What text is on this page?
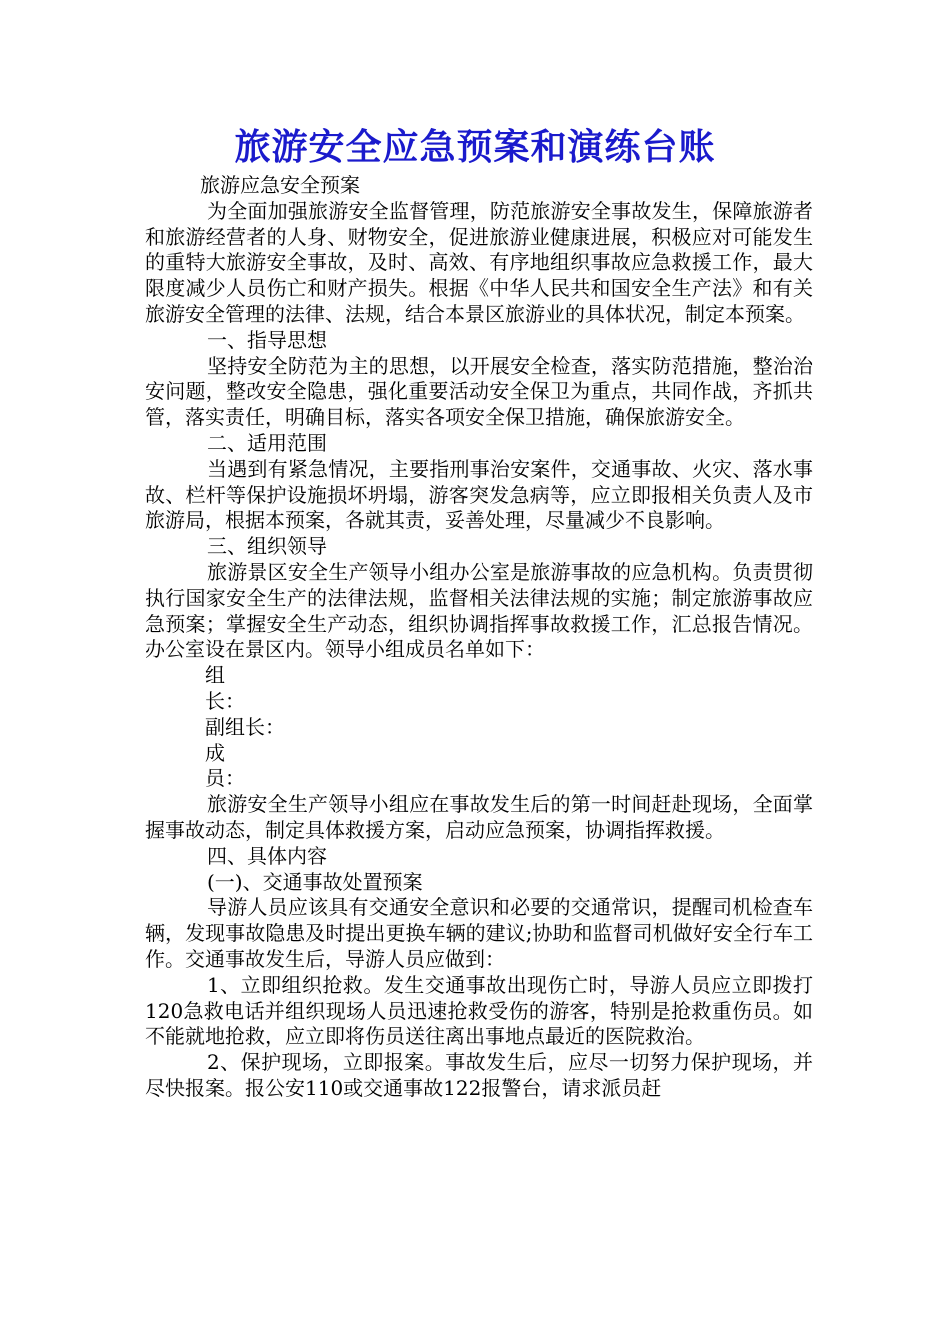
旅游安全应急预案和演练台账

旅游应急安全预案

为全面加强旅游安全监督管理，防范旅游安全事故发生，保障旅游者和旅游经营者的人身、财物安全，促进旅游业健康进展，积极应对可能发生的重特大旅游安全事故，及时、高效、有序地组织事故应急救援工作，最大限度减少人员伤亡和财产损失。根据《中华人民共和国安全生产法》和有关旅游安全管理的法律、法规，结合本景区旅游业的具体状况，制定本预案。

一、指导思想

坚持安全防范为主的思想，以开展安全检查，落实防范措施，整治治安问题，整改安全隐患，强化重要活动安全保卫为重点，共同作战，齐抓共管，落实责任，明确目标，落实各项安全保卫措施，确保旅游安全。

二、适用范围

当遇到有紧急情况，主要指刑事治安案件，交通事故、火灾、落水事故、栏杆等保护设施损坏坍塌，游客突发急病等，应立即报相关负责人及市旅游局，根据本预案，各就其责，妥善处理，尽量减少不良影响。

三、组织领导

旅游景区安全生产领导小组办公室是旅游事故的应急机构。负责贯彻执行国家安全生产的法律法规，监督相关法律法规的实施；制定旅游事故应急预案；掌握安全生产动态，组织协调指挥事故救援工作，汇总报告情况。办公室设在景区内。领导小组成员名单如下：

组长：

副组长：

成员：

旅游安全生产领导小组应在事故发生后的第一时间赶赴现场，全面掌握事故动态，制定具体救援方案，启动应急预案，协调指挥救援。

四、具体内容

(一)、交通事故处置预案

导游人员应该具有交通安全意识和必要的交通常识，提醒司机检查车辆，发现事故隐患及时提出更换车辆的建议;协助和监督司机做好安全行车工作。交通事故发生后，导游人员应做到：

1、立即组织抢救。发生交通事故出现伤亡时，导游人员应立即拨打120急救电话并组织现场人员迅速抢救受伤的游客，特别是抢救重伤员。如不能就地抢救，应立即将伤员送往离出事地点最近的医院救治。

2、保护现场，立即报案。事故发生后，应尽一切努力保护现场，并尽快报案。报公安110或交通事故122报警台，请求派员赶
